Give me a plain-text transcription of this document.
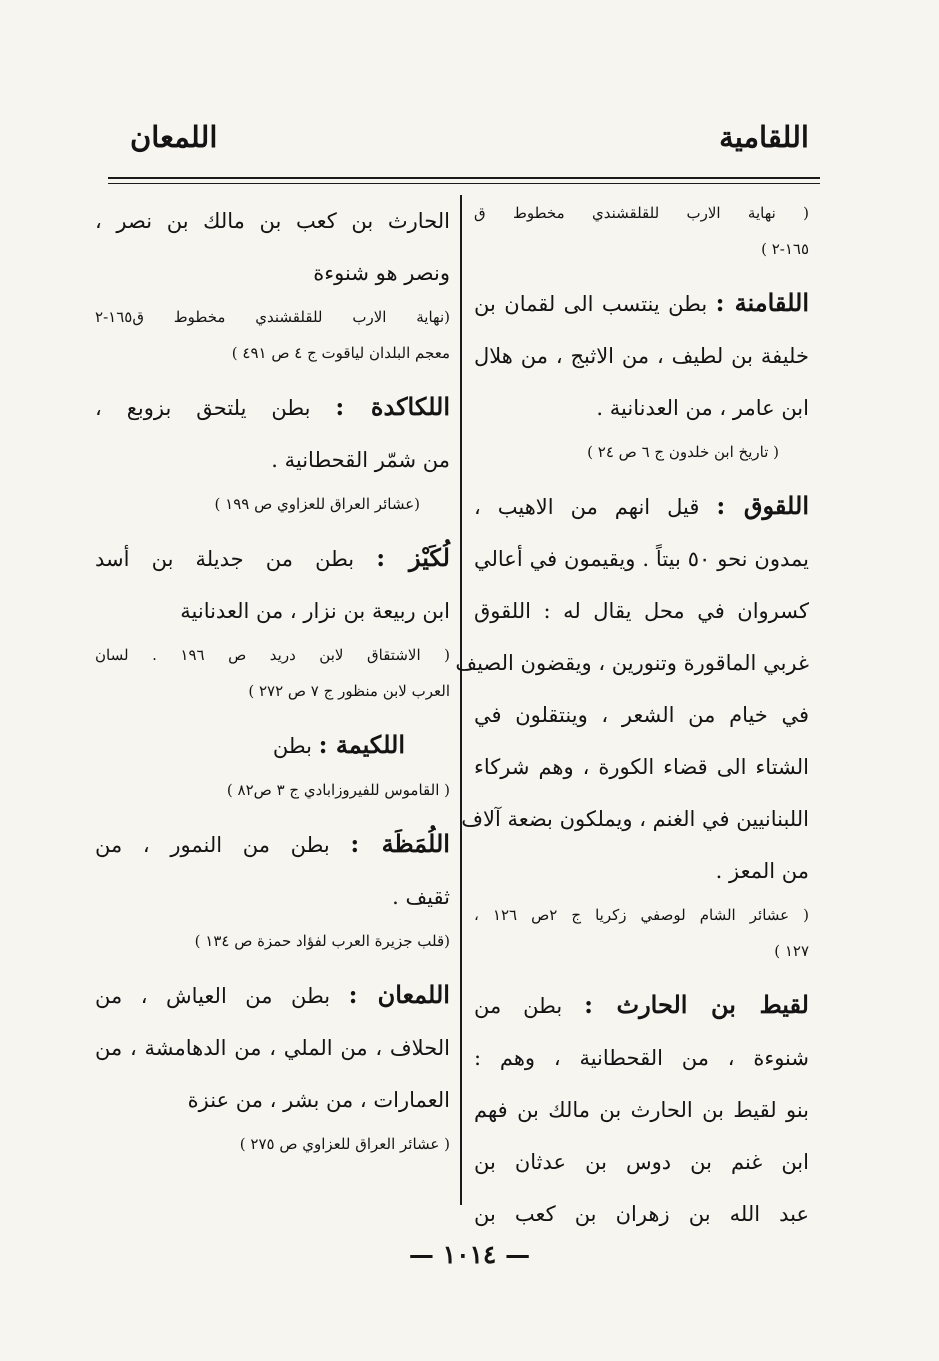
اللقامية
اللمعان
( نهاية الارب للقلقشندي مخطوط ق
١٦٥-٢ )
اللقامنة : بطن ينتسب الى لقمان بن
خليفة بن لطيف ، من الاثبج ، من هلال
ابن عامر ، من العدنانية .
( تاريخ ابن خلدون ج ٦ ص ٢٤ )
اللقوق : قيل انهم من الاهيب ،
يمدون نحو ٥٠ بيتاً . ويقيمون في أعالي
كسروان في محل يقال له : اللقوق
غربي الماقورة وتنورين ، ويقضون الصيف
في خيام من الشعر ، وينتقلون في
الشتاء الى قضاء الكورة ، وهم شركاء
اللبنانيين في الغنم ، ويملكون بضعة آلاف
من المعز .
( عشائر الشام لوصفي زكريا ج ٢ص ١٢٦ ،
١٢٧ )
لقيط بن الحارث : بطن من
شنوءة ، من القحطانية ، وهم :
بنو لقيط بن الحارث بن مالك بن فهم
ابن غنم بن دوس بن عدثان بن
عبد الله بن زهران بن كعب بن
الحارث بن كعب بن مالك بن نصر ،
ونصر هو شنوءة
(نهاية الارب للقلقشندي مخطوط ق١٦٥-٢
معجم البلدان لياقوت ج ٤ ص ٤٩١ )
اللكاكدة : بطن يلتحق بزوبع ،
من شمّر القحطانية .
(عشائر العراق للعزاوي ص ١٩٩ )
لُكَيْز : بطن من جديلة بن أسد
ابن ربيعة بن نزار ، من العدنانية
( الاشتقاق لابن دريد ص ١٩٦ . لسان
العرب لابن منظور ج ٧ ص ٢٧٢ )
اللكيمة : بطن
( القاموس للفيروزابادي ج ٣ ص٨٢ )
اللُمَظَة : بطن من النمور ، من
ثقيف .
(قلب جزيرة العرب لفؤاد حمزة ص ١٣٤ )
اللمعان : بطن من العياش ، من
الحلاف ، من الملي ، من الدهامشة ، من
العمارات ، من بشر ، من عنزة
( عشائر العراق للعزاوي ص ٢٧٥ )
— ١٠١٤ —
